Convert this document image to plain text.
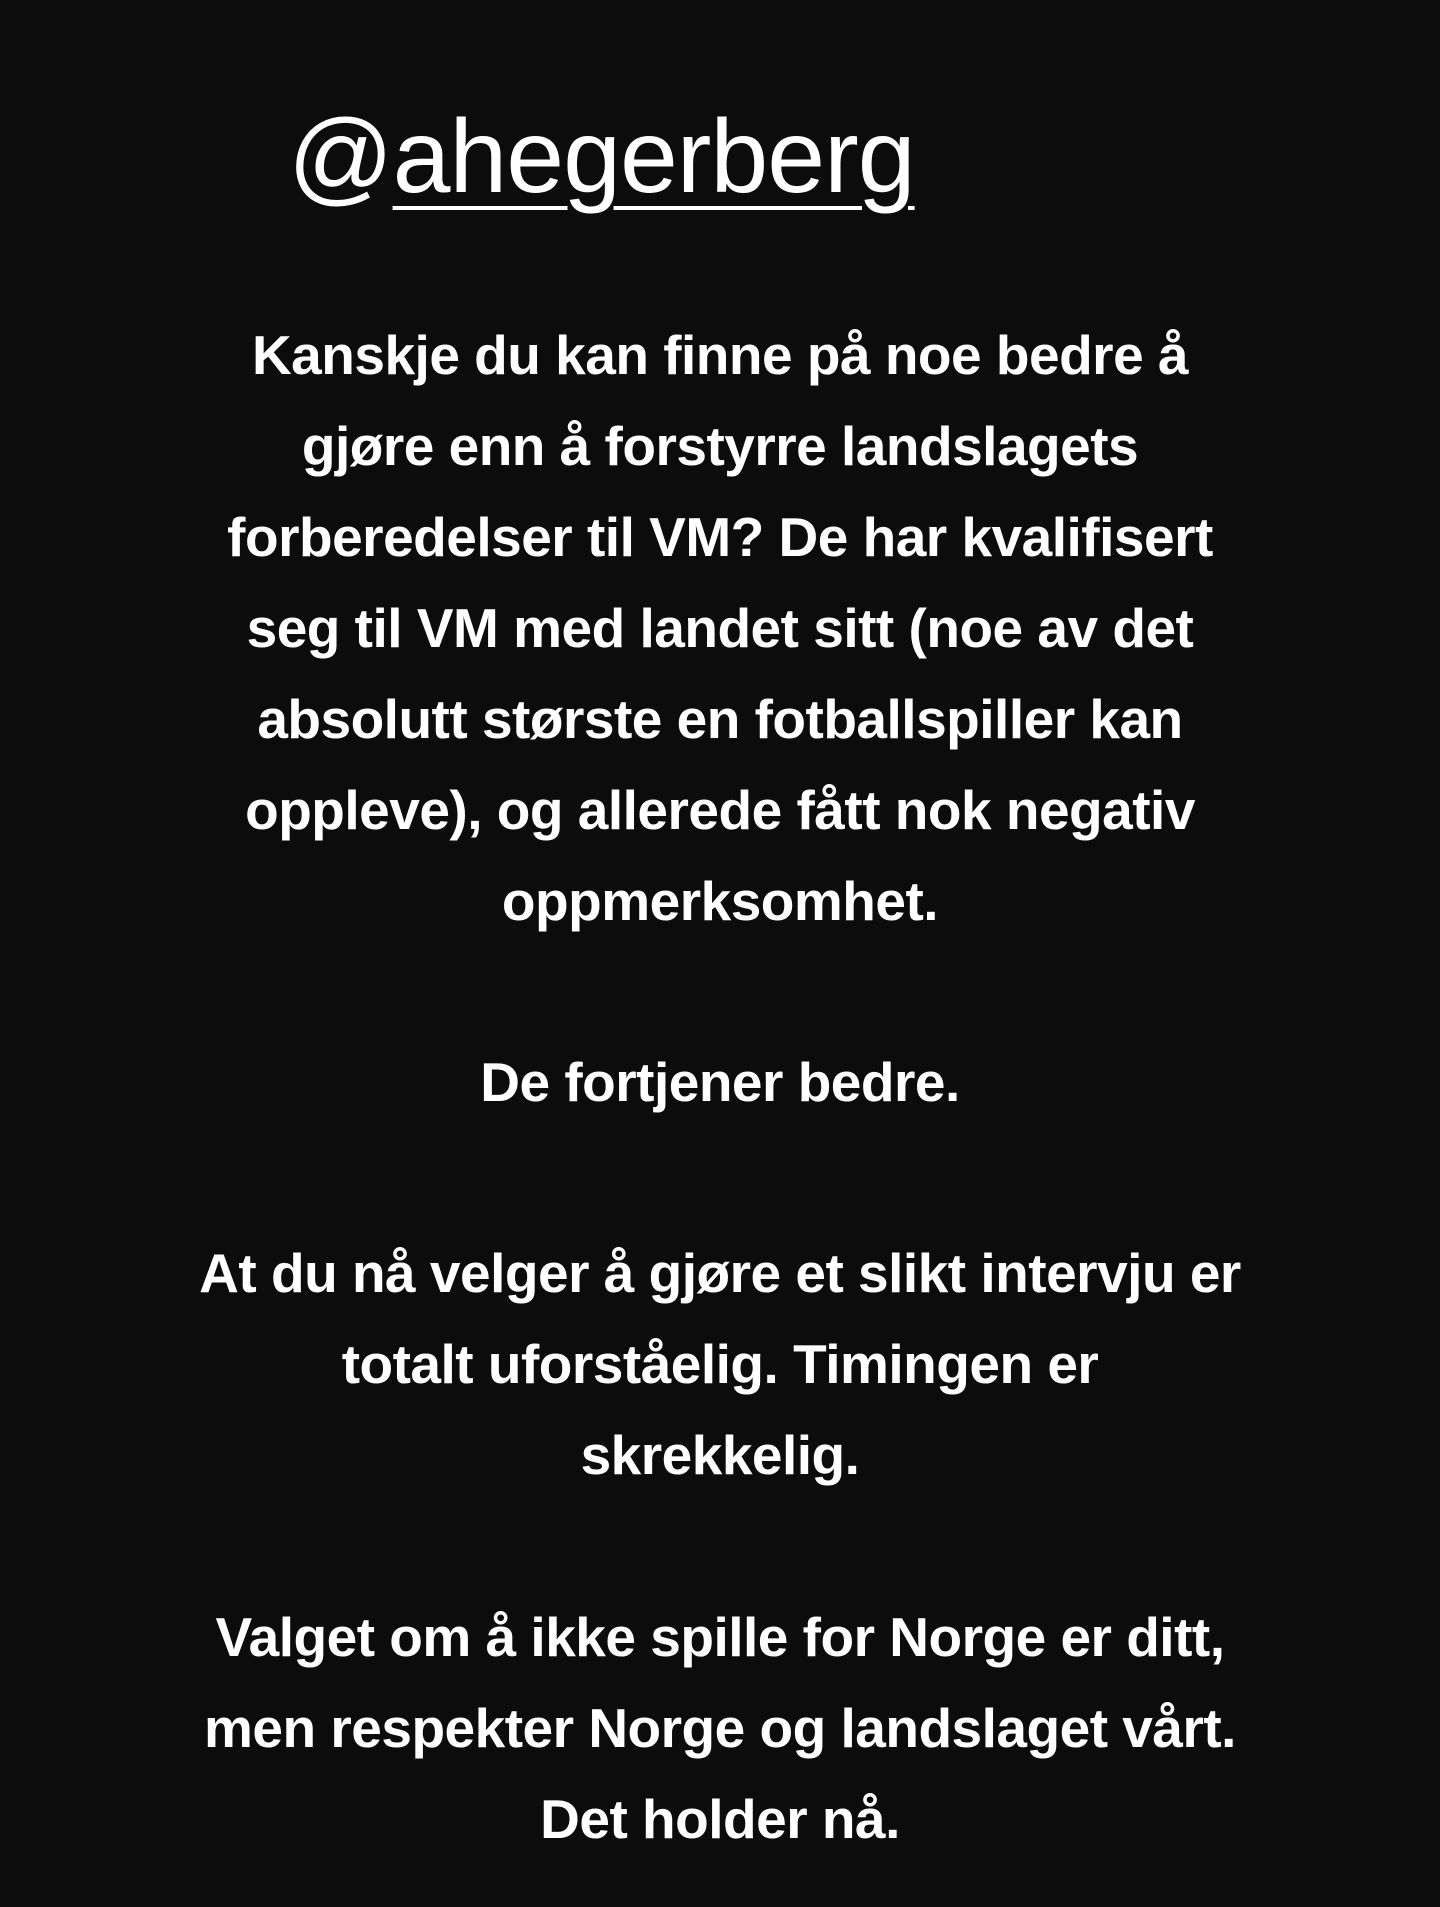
@ahegerberg
Kanskje du kan finne på noe bedre å
gjøre enn å forstyrre landslagets
forberedelser til VM? De har kvalifisert
seg til VM med landet sitt (noe av det
absolutt største en fotballspiller kan
oppleve), og allerede fått nok negativ
oppmerksomhet.
De fortjener bedre.
At du nå velger å gjøre et slikt intervju er
totalt uforståelig. Timingen er
skrekkelig.
Valget om å ikke spille for Norge er ditt,
men respekter Norge og landslaget vårt.
Det holder nå.
